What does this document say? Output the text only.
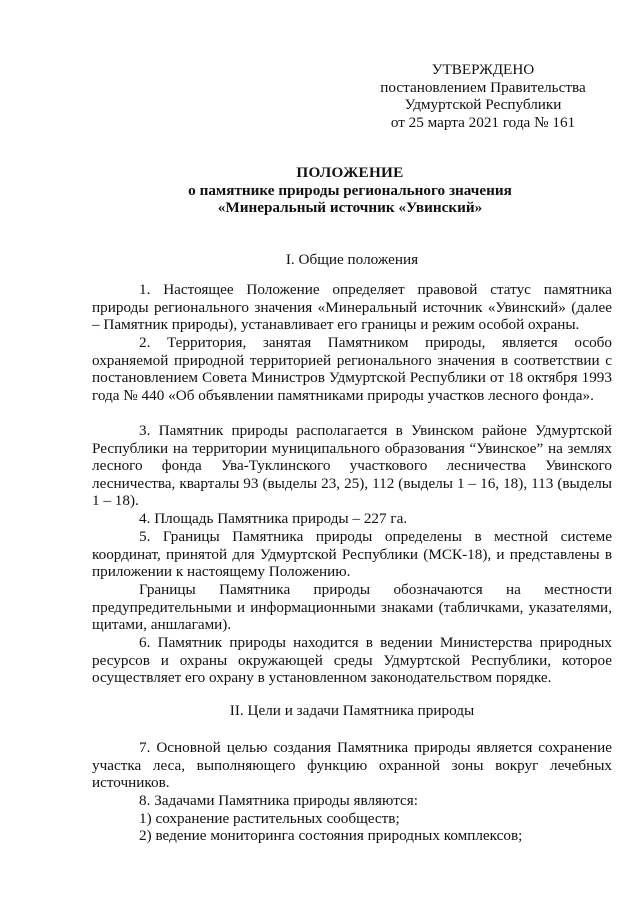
УТВЕРЖДЕНО
постановлением Правительства
Удмуртской Республики
от 25 марта 2021 года № 161
ПОЛОЖЕНИЕ
о памятнике природы регионального значения
«Минеральный источник «Увинский»
I. Общие положения

1. Настоящее Положение определяет правовой статус памятника природы регионального значения «Минеральный источник «Увинский» (далее – Памятник природы), устанавливает его границы и режим особой охраны.

2. Территория, занятая Памятником природы, является особо охраняемой природной территорией регионального значения в соответствии с постановлением Совета Министров Удмуртской Республики от 18 октября 1993 года № 440 «Об объявлении памятниками природы участков лесного фонда».

3. Памятник природы располагается в Увинском районе Удмуртской Республики на территории муниципального образования “Увинское” на землях лесного фонда Ува-Туклинского участкового лесничества Увинского лесничества, кварталы 93 (выделы 23, 25), 112 (выделы 1 – 16, 18), 113 (выделы 1 – 18).

4. Площадь Памятника природы – 227 га.

5. Границы Памятника природы определены в местной системе координат, принятой для Удмуртской Республики (МСК-18), и представлены в приложении к настоящему Положению.

Границы Памятника природы обозначаются на местности предупредительными и информационными знаками (табличками, указателями, щитами, аншлагами).

6. Памятник природы находится в ведении Министерства природных ресурсов и охраны окружающей среды Удмуртской Республики, которое осуществляет его охрану в установленном законодательством порядке.

II. Цели и задачи Памятника природы

7. Основной целью создания Памятника природы является сохранение участка леса, выполняющего функцию охранной зоны вокруг лечебных источников.

8. Задачами Памятника природы являются:

1) сохранение растительных сообществ;

2) ведение мониторинга состояния природных комплексов;
